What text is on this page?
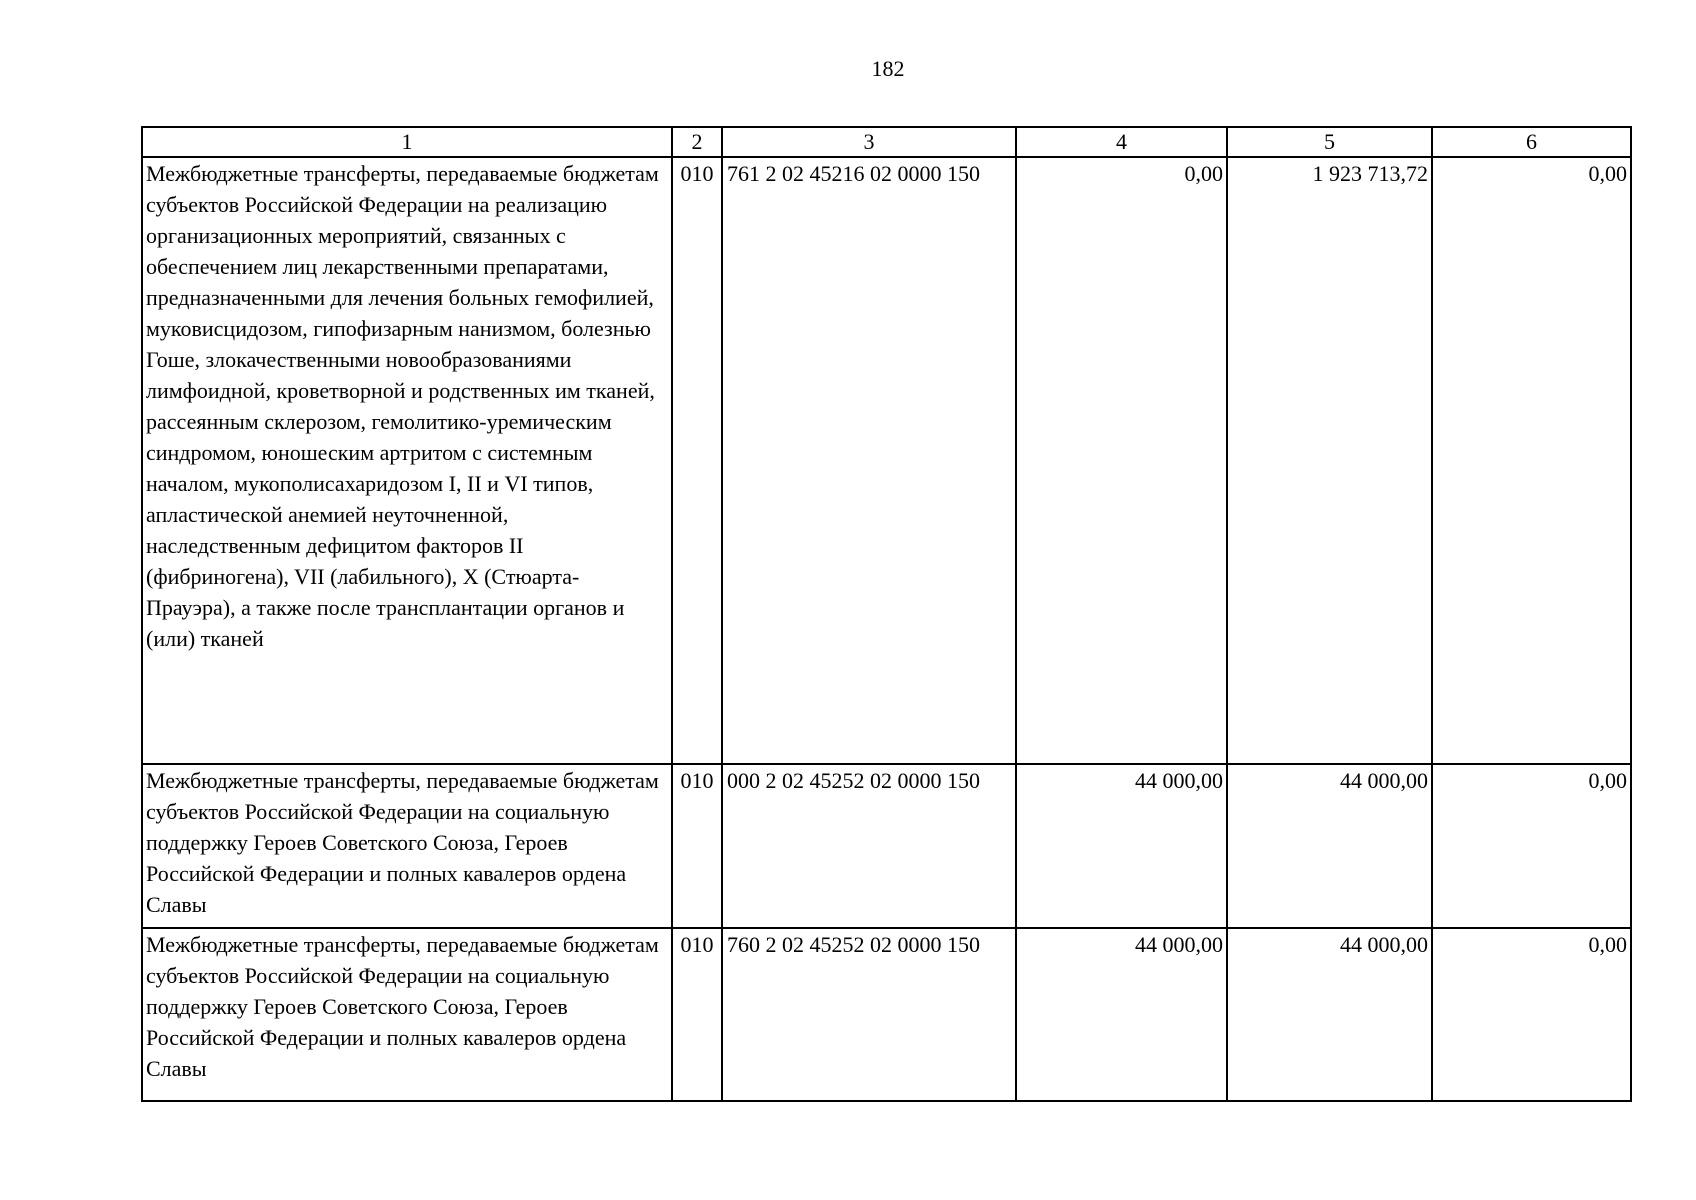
182
1	2	3	4	5	6
Межбюджетные трансферты, передаваемые бюджетам субъектов Российской Федерации на реализацию организационных мероприятий, связанных с обеспечением лиц лекарственными препаратами, предназначенными для лечения больных гемофилией, муковисцидозом, гипофизарным нанизмом, болезнью Гоше, злокачественными новообразованиями лимфоидной, кроветворной и родственных им тканей, рассеянным склерозом, гемолитико-уремическим синдромом, юношеским артритом с системным началом, мукополисахаридозом I, II и VI типов, апластической анемией неуточненной, наследственным дефицитом факторов II (фибриногена), VII (лабильного), X (Стюарта-Прауэра), а также после трансплантации органов и (или) тканей	010	761 2 02 45216 02 0000 150	0,00	1 923 713,72	0,00
Межбюджетные трансферты, передаваемые бюджетам субъектов Российской Федерации на социальную поддержку Героев Советского Союза, Героев Российской Федерации и полных кавалеров ордена Славы	010	000 2 02 45252 02 0000 150	44 000,00	44 000,00	0,00
Межбюджетные трансферты, передаваемые бюджетам субъектов Российской Федерации на социальную поддержку Героев Советского Союза, Героев Российской Федерации и полных кавалеров ордена Славы	010	760 2 02 45252 02 0000 150	44 000,00	44 000,00	0,00
